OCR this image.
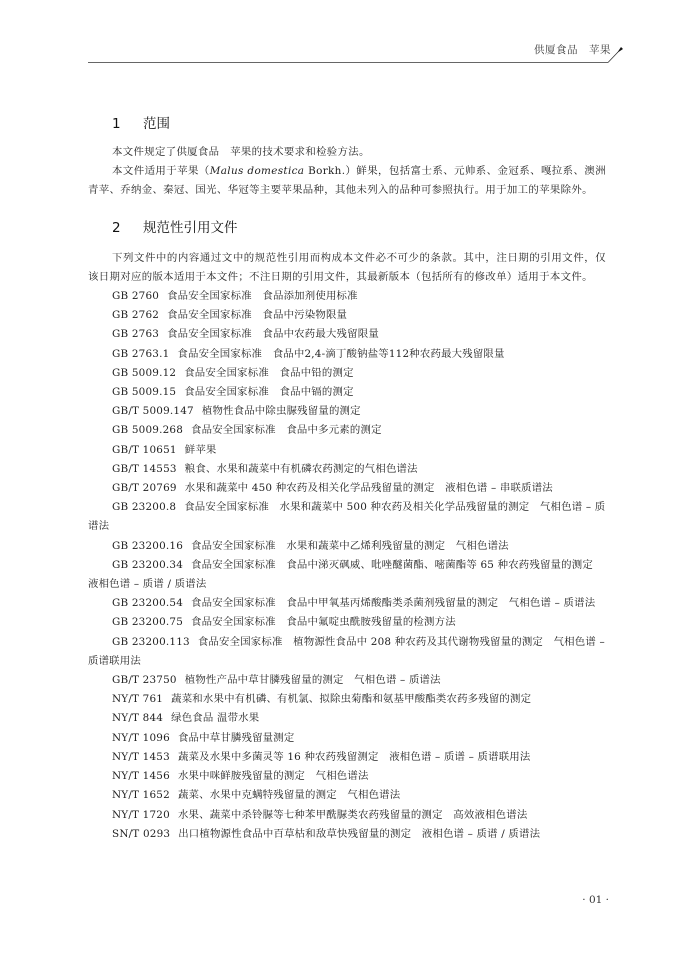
供厦食品　苹果
1 范围

本文件规定了供厦食品　苹果的技术要求和检验方法。

本文件适用于苹果（Malus domestica Borkh.）鲜果，包括富士系、元帅系、金冠系、嘎拉系、澳洲青苹、乔纳金、秦冠、国光、华冠等主要苹果品种，其他未列入的品种可参照执行。用于加工的苹果除外。

2 规范性引用文件

下列文件中的内容通过文中的规范性引用而构成本文件必不可少的条款。其中，注日期的引用文件，仅该日期对应的版本适用于本文件；不注日期的引用文件，其最新版本（包括所有的修改单）适用于本文件。

GB 2760 食品安全国家标准　食品添加剂使用标准
GB 2762 食品安全国家标准　食品中污染物限量
GB 2763 食品安全国家标准　食品中农药最大残留限量
GB 2763.1 食品安全国家标准　食品中2,4-滴丁酸钠盐等112种农药最大残留限量
GB 5009.12 食品安全国家标准　食品中铅的测定
GB 5009.15 食品安全国家标准　食品中镉的测定
GB/T 5009.147 植物性食品中除虫脲残留量的测定
GB 5009.268 食品安全国家标准　食品中多元素的测定
GB/T 10651 鲜苹果
GB/T 14553 粮食、水果和蔬菜中有机磷农药测定的气相色谱法
GB/T 20769 水果和蔬菜中 450 种农药及相关化学品残留量的测定　液相色谱 – 串联质谱法
GB 23200.8 食品安全国家标准　水果和蔬菜中 500 种农药及相关化学品残留量的测定　气相色谱 – 质谱法
GB 23200.16 食品安全国家标准　水果和蔬菜中乙烯利残留量的测定　气相色谱法
GB 23200.34 食品安全国家标准　食品中涕灭砜威、吡唑醚菌酯、嘧菌酯等 65 种农药残留量的测定　液相色谱 – 质谱 / 质谱法
GB 23200.54 食品安全国家标准　食品中甲氧基丙烯酸酯类杀菌剂残留量的测定　气相色谱 – 质谱法
GB 23200.75 食品安全国家标准　食品中氟啶虫酰胺残留量的检测方法
GB 23200.113 食品安全国家标准　植物源性食品中 208 种农药及其代谢物残留量的测定　气相色谱 – 质谱联用法
GB/T 23750 植物性产品中草甘膦残留量的测定　气相色谱 – 质谱法
NY/T 761 蔬菜和水果中有机磷、有机氯、拟除虫菊酯和氨基甲酸酯类农药多残留的测定
NY/T 844 绿色食品 温带水果
NY/T 1096 食品中草甘膦残留量测定
NY/T 1453 蔬菜及水果中多菌灵等 16 种农药残留测定　液相色谱 – 质谱 – 质谱联用法
NY/T 1456 水果中咪鲜胺残留量的测定　气相色谱法
NY/T 1652 蔬菜、水果中克螨特残留量的测定　气相色谱法
NY/T 1720 水果、蔬菜中杀铃脲等七种苯甲酰脲类农药残留量的测定　高效液相色谱法
SN/T 0293 出口植物源性食品中百草枯和敌草快残留量的测定　液相色谱 – 质谱 / 质谱法
· 01 ·
